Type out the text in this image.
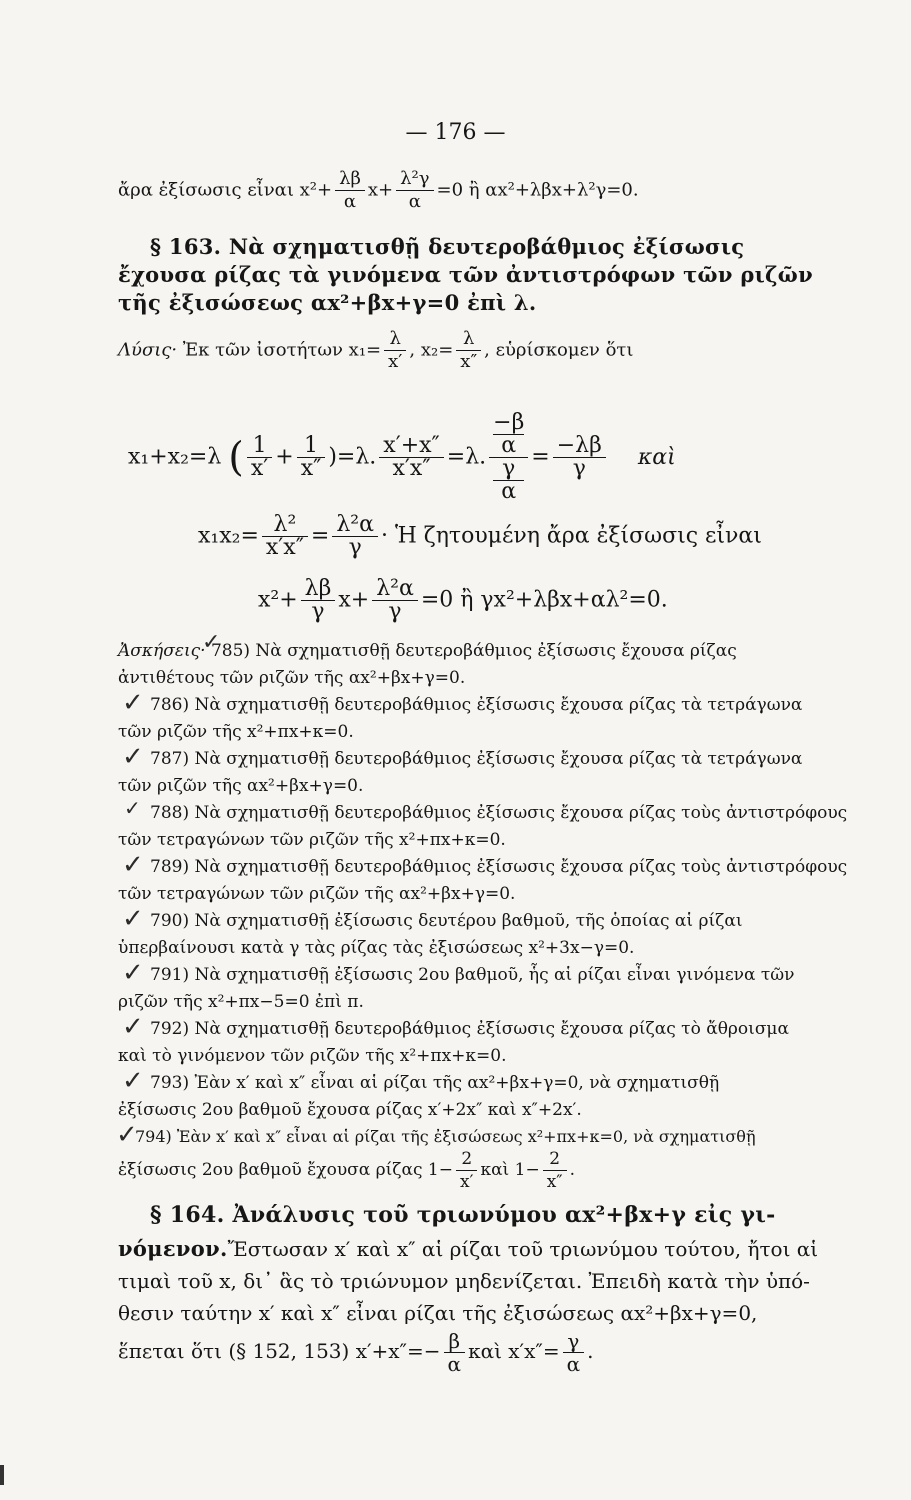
— 176 —
ἄρα ἐξίσωσις εἶναι $x^2+ \frac{\lambda\beta}{\alpha} x+ \frac{\text{λ²γ}}{\alpha} =0$ ἢ αx²+λβx+λ²γ=0.
§ 163. Νὰ σχηματισθῇ δευτεροβάθμιος ἐξίσωσις
ἔχουσα ρίζας τὰ γινόμενα τῶν ἀντιστρόφων τῶν ριζῶν
τῆς ἐξισώσεως αx²+βx+γ=0 ἐπὶ λ.
Λύσις· Ἐκ τῶν ἰσοτήτων $x_1= \frac{\lambda}{x'}$ , $x_2= \frac{\lambda}{x''}$ , εὑρίσκομεν ὅτι
x₁+x₂=λ ( $\frac{1}{x'} + \frac{1}{x''} )=\lambda$. $\frac{x'+x''}{x'x''} =\lambda$. −β
α
γ
$\alpha = \frac{-\lambda\beta}{\gamma}$ καὶ
$x_1x_2= \frac{\text{λ²}}{x'x''} = \frac{\text{λ²α}}{\gamma}$ · Ἡ ζητουμένη ἄρα ἐξίσωσις εἶναι
$x^2+ \frac{\lambda\beta}{\gamma} x+ \frac{\text{λ²α}}{\gamma} =0$ ἢ γx²+λβx+αλ²=0.
Ἀσκήσεις· 785) Νὰ σχηματισθῇ δευτεροβάθμιος ἐξίσωσις ἔχουσα ρίζας
ἀντιθέτους τῶν ριζῶν τῆς αx²+βx+γ=0.
786) Νὰ σχηματισθῇ δευτεροβάθμιος ἐξίσωσις ἔχουσα ρίζας τὰ τετράγωνα
τῶν ριζῶν τῆς x²+πx+κ=0.
787) Νὰ σχηματισθῇ δευτεροβάθμιος ἐξίσωσις ἔχουσα ρίζας τὰ τετράγωνα
τῶν ριζῶν τῆς αx²+βx+γ=0.
788) Νὰ σχηματισθῇ δευτεροβάθμιος ἐξίσωσις ἔχουσα ρίζας τοὺς ἀντιστρόφους
τῶν τετραγώνων τῶν ριζῶν τῆς x²+πx+κ=0.
789) Νὰ σχηματισθῇ δευτεροβάθμιος ἐξίσωσις ἔχουσα ρίζας τοὺς ἀντιστρόφους
τῶν τετραγώνων τῶν ριζῶν τῆς αx²+βx+γ=0.
790) Νὰ σχηματισθῇ ἐξίσωσις δευτέρου βαθμοῦ, τῆς ὁποίας αἱ ρίζαι
ὑπερβαίνουσι κατὰ γ τὰς ρίζας τὰς ἐξισώσεως x²+3x−γ=0.
791) Νὰ σχηματισθῇ ἐξίσωσις 2ου βαθμοῦ, ἧς αἱ ρίζαι εἶναι γινόμενα τῶν
ριζῶν τῆς x²+πx−5=0 ἐπὶ π.
792) Νὰ σχηματισθῇ δευτεροβάθμιος ἐξίσωσις ἔχουσα ρίζας τὸ ἄθροισμα
καὶ τὸ γινόμενον τῶν ριζῶν τῆς x²+πx+κ=0.
793) Ἐὰν x′ καὶ x″ εἶναι αἱ ρίζαι τῆς αx²+βx+γ=0, νὰ σχηματισθῇ
ἐξίσωσις 2ου βαθμοῦ ἔχουσα ρίζας x′+2x″ καὶ x″+2x′.
794) Ἐὰν x′ καὶ x″ εἶναι αἱ ρίζαι τῆς ἐξισώσεως x²+πx+κ=0, νὰ σχηματισθῇ
ἐξίσωσις 2ου βαθμοῦ ἔχουσα ρίζας $1- \frac{2}{x'}$ καὶ $1- \frac{2}{x''}$ .
✓
✓
✓
✓
✓
✓
✓
✓
✓
✓
§ 164. Ἀνάλυσις τοῦ τριωνύμου αx²+βx+γ εἰς γι-
νόμενον.Ἔστωσαν x′ καὶ x″ αἱ ρίζαι τοῦ τριωνύμου τούτου, ἤτοι αἱ
τιμαὶ τοῦ x, δι᾿ ἃς τὸ τριώνυμον μηδενίζεται. Ἐπειδὴ κατὰ τὴν ὑπό-
θεσιν ταύτην x′ καὶ x″ εἶναι ρίζαι τῆς ἐξισώσεως αx²+βx+γ=0,
ἕπεται ὅτι (§ 152, 153) $x'+x''=- \frac{\beta}{\alpha}$ καὶ $x'x''= \frac{\gamma}{\alpha}$ .
